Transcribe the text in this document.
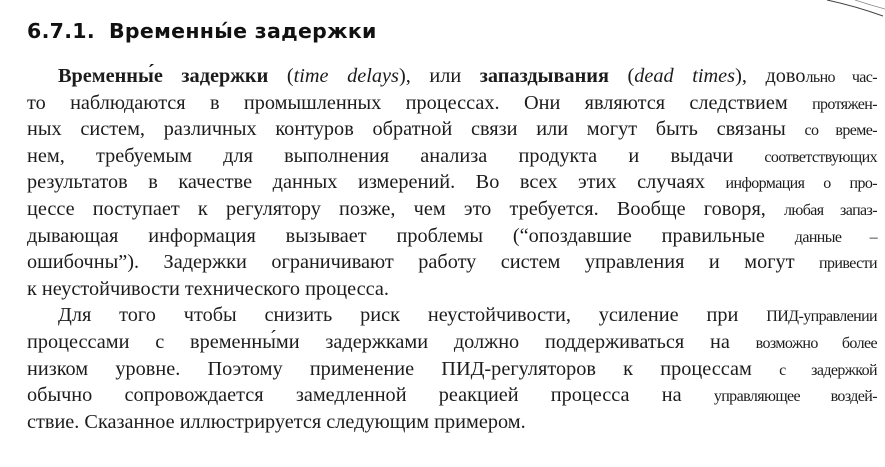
6.7.1. Временны́е задержки
Временны́е задержки (time delays), или запаздывания (dead times), довольно час-
то наблюдаются в промышленных процессах. Они являются следствием протяжен-
ных систем, различных контуров обратной связи или могут быть связаны со време-
нем, требуемым для выполнения анализа продукта и выдачи соответствующих
результатов в качестве данных измерений. Во всех этих случаях информация о про-
цессе поступает к регулятору позже, чем это требуется. Вообще говоря, любая запаз-
дывающая информация вызывает проблемы (“опоздавшие правильные данные –
ошибочны”). Задержки ограничивают работу систем управления и могут привести
к неустойчивости технического процесса.
Для того чтобы снизить риск неустойчивости, усиление при ПИД-управлении
процессами с временны́ми задержками должно поддерживаться на возможно более
низком уровне. Поэтому применение ПИД-регуляторов к процессам с задержкой
обычно сопровождается замедленной реакцией процесса на управляющее воздей-
ствие. Сказанное иллюстрируется следующим примером.
